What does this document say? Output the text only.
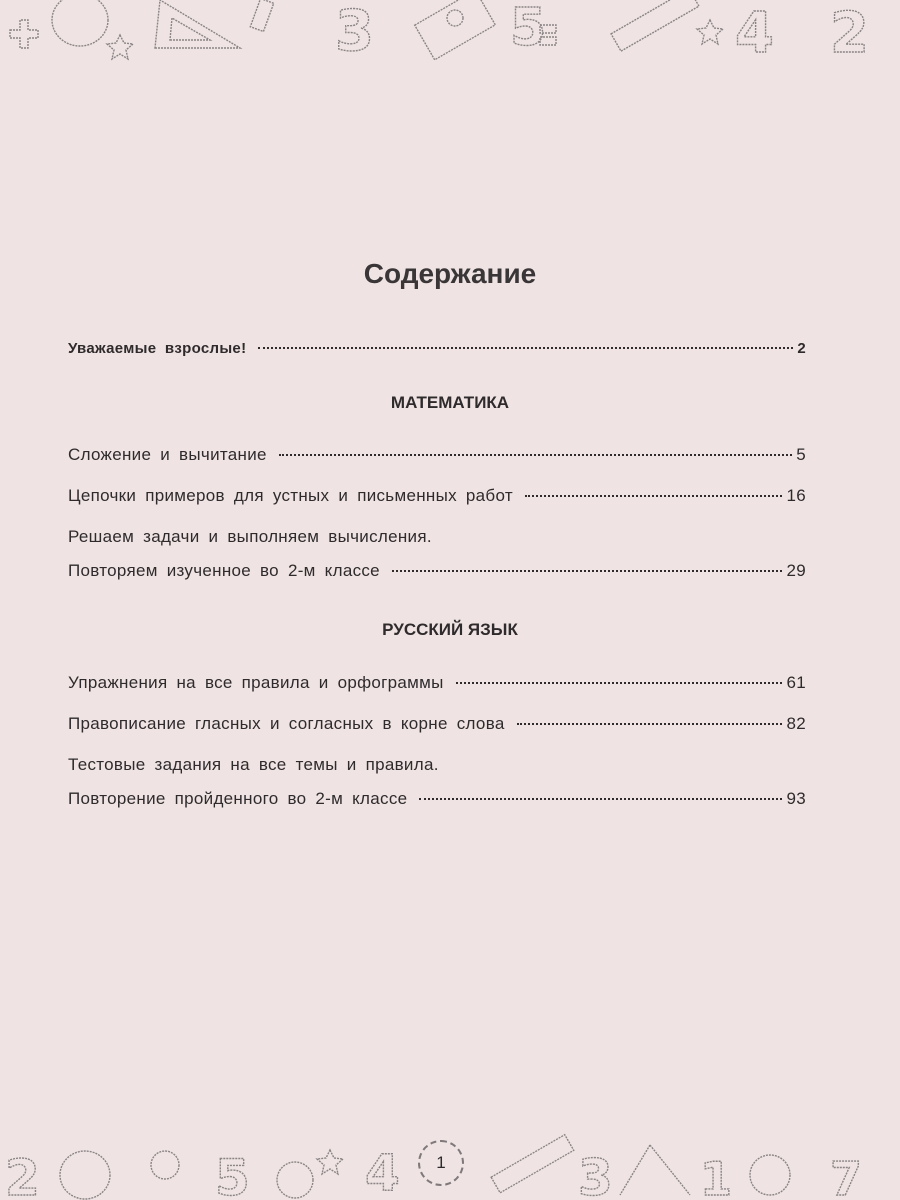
3	5	4 2
Содержание
Уважаемые взрослые!	2
МАТЕМАТИКА
Сложение и вычитание	5
Цепочки примеров для устных и письменных работ	16
Решаем задачи и выполняем вычисления.
Повторяем изученное во 2-м классе	29
РУССКИЙ ЯЗЫК
Упражнения на все правила и орфограммы	61
Правописание гласных и согласных в корне слова	82
Тестовые задания на все темы и правила.
Повторение пройденного во 2-м классе	93
2	5 4	3 1 7
1
